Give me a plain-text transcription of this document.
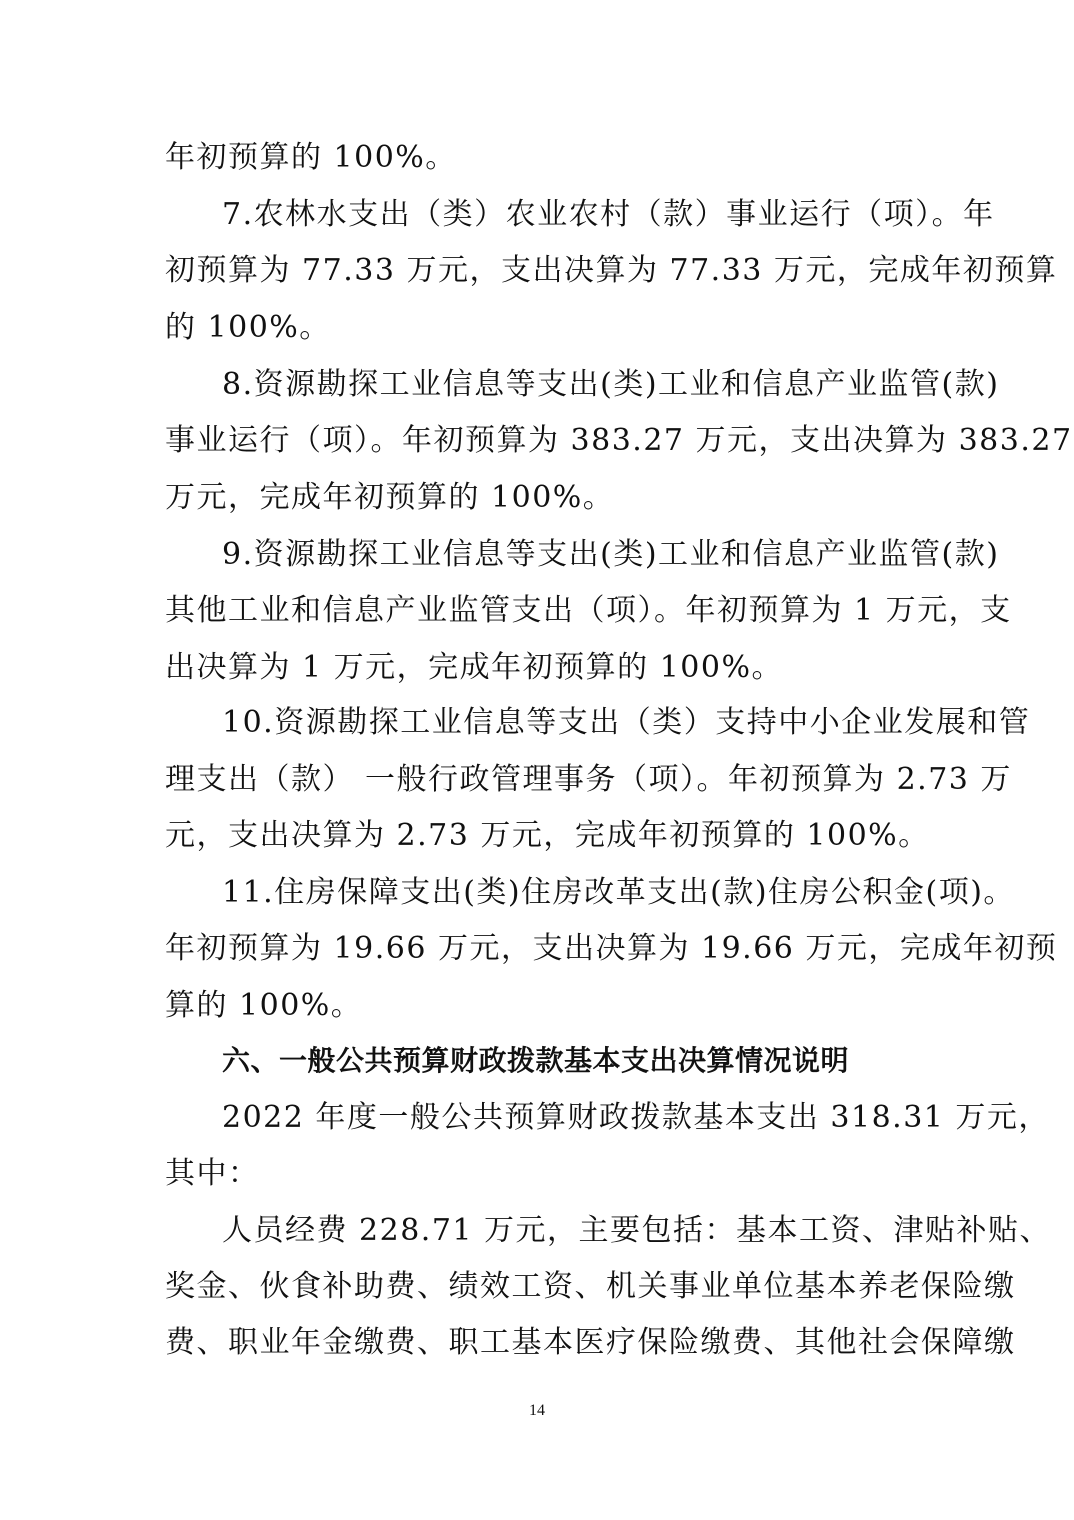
年初预算的 100%。
7.农林水支出（类）农业农村（款）事业运行（项）。年
初预算为 77.33 万元，支出决算为 77.33 万元，完成年初预算
的 100%。
8.资源勘探工业信息等支出(类)工业和信息产业监管(款)
事业运行（项）。年初预算为 383.27 万元，支出决算为 383.27
万元，完成年初预算的 100%。
9.资源勘探工业信息等支出(类)工业和信息产业监管(款)
其他工业和信息产业监管支出（项）。年初预算为 1 万元，支
出决算为 1 万元，完成年初预算的 100%。
10.资源勘探工业信息等支出（类）支持中小企业发展和管
理支出（款） 一般行政管理事务（项）。年初预算为 2.73 万
元，支出决算为 2.73 万元，完成年初预算的 100%。
11.住房保障支出(类)住房改革支出(款)住房公积金(项)。
年初预算为 19.66 万元，支出决算为 19.66 万元，完成年初预
算的 100%。
六、一般公共预算财政拨款基本支出决算情况说明
2022 年度一般公共预算财政拨款基本支出 318.31 万元，
其中：
人员经费 228.71 万元，主要包括：基本工资、津贴补贴、
奖金、伙食补助费、绩效工资、机关事业单位基本养老保险缴
费、职业年金缴费、职工基本医疗保险缴费、其他社会保障缴
14
